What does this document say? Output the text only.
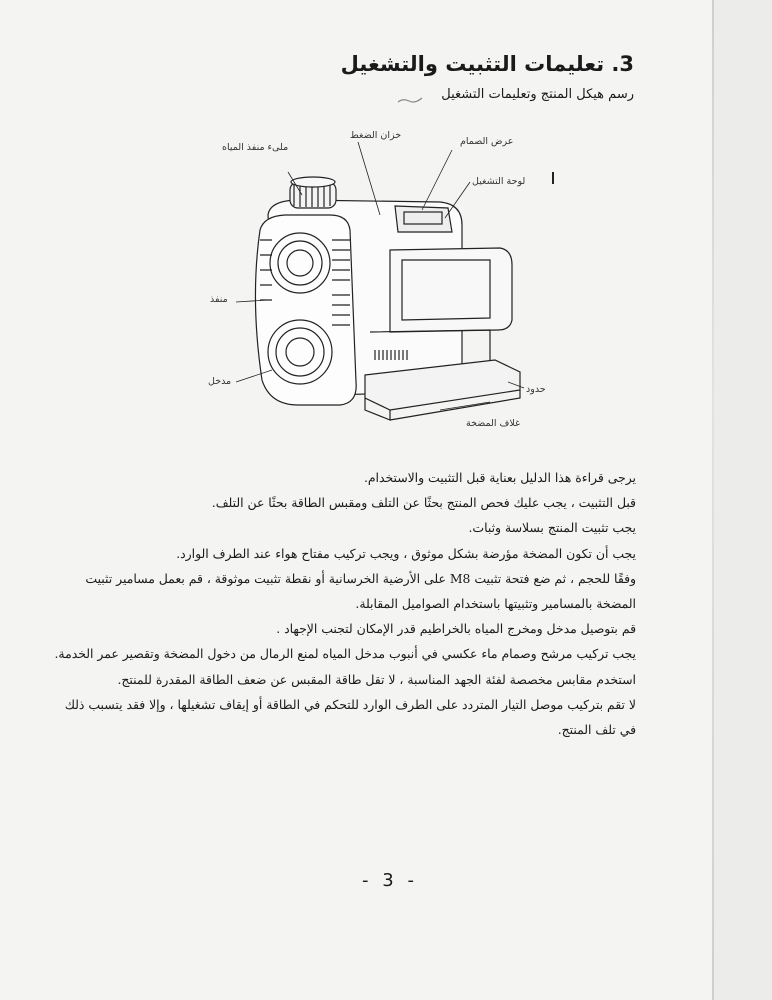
3. تعليمات التثبيت والتشغيل
رسم هيكل المنتج وتعليمات التشغيل
ملىء منفذ المياه
خزان الضغط
عرض الصمام
لوحة التشغيل
منفذ
مدخل
حدود
غلاف المضخة

يرجى قراءة هذا الدليل بعناية قبل التثبيت والاستخدام.

قبل التثبيت ، يجب عليك فحص المنتج بحثًا عن التلف ومقبس الطاقة بحثًا عن التلف.

يجب تثبيت المنتج بسلاسة وثبات.

يجب أن تكون المضخة مؤرضة بشكل موثوق ، ويجب تركيب مفتاح هواء عند الطرف الوارد.

وفقًا للحجم ، ثم ضع فتحة تثبيت M8 على الأرضية الخرسانية أو نقطة تثبيت موثوقة ، قم بعمل مسامير تثبيت

المضخة بالمسامير وتثبيتها باستخدام الصواميل المقابلة.

قم بتوصيل مدخل ومخرج المياه بالخراطيم قدر الإمكان لتجنب الإجهاد .

يجب تركيب مرشح وصمام ماء عكسي في أنبوب مدخل المياه لمنع الرمال من دخول المضخة وتقصير عمر الخدمة.

استخدم مقابس مخصصة لفئة الجهد المناسبة ، لا تقل طاقة المقبس عن ضعف الطاقة المقدرة للمنتج.

لا تقم بتركيب موصل التيار المتردد على الطرف الوارد للتحكم في الطاقة أو إيقاف تشغيلها ، وإلا فقد يتسبب ذلك

في تلف المنتج.

- 3 -
